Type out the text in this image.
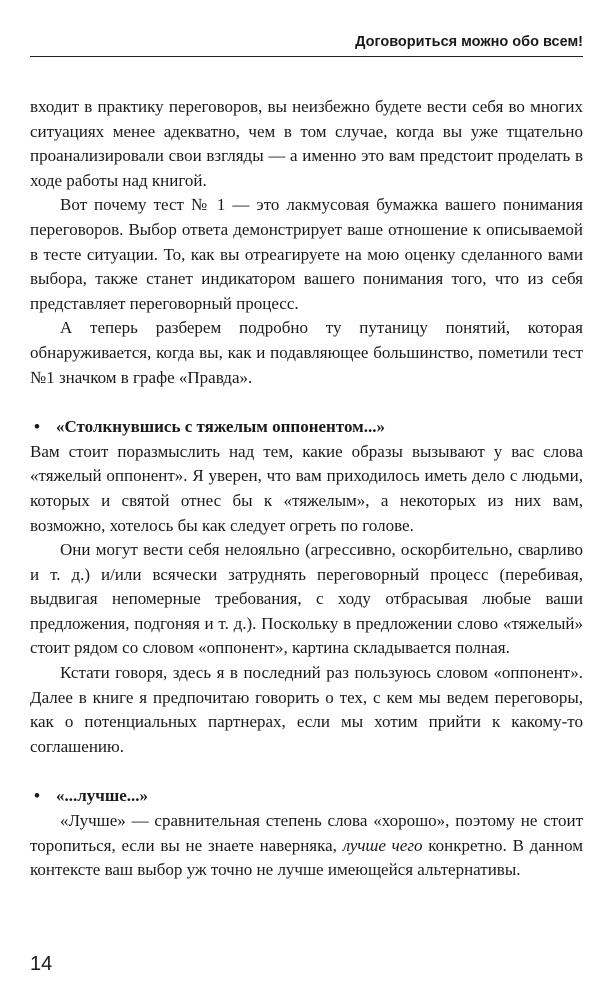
Договориться можно обо всем!

входит в практику переговоров, вы неизбежно будете вести себя во многих ситуациях менее адекватно, чем в том случае, когда вы уже тщательно проанализировали свои взгляды — а именно это вам предстоит проделать в ходе работы над книгой.

Вот почему тест № 1 — это лакмусовая бумажка вашего понимания переговоров. Выбор ответа демонстрирует ваше отношение к описываемой в тесте ситуации. То, как вы отреагируете на мою оценку сделанного вами выбора, также станет индикатором вашего понимания того, что из себя представляет переговорный процесс.

А теперь разберем подробно ту путаницу понятий, которая обнаруживается, когда вы, как и подавляющее большинство, пометили тест №1 значком в графе «Правда».

• «Столкнувшись с тяжелым оппонентом...»

Вам стоит поразмыслить над тем, какие образы вызывают у вас слова «тяжелый оппонент». Я уверен, что вам приходилось иметь дело с людьми, которых и святой отнес бы к «тяжелым», а некоторых из них вам, возможно, хотелось бы как следует огреть по голове.

Они могут вести себя нелояльно (агрессивно, оскорбительно, сварливо и т. д.) и/или всячески затруднять переговорный процесс (перебивая, выдвигая непомерные требования, с ходу отбрасывая любые ваши предложения, подгоняя и т. д.). Поскольку в предложении слово «тяжелый» стоит рядом со словом «оппонент», картина складывается полная.

Кстати говоря, здесь я в последний раз пользуюсь словом «оппонент». Далее в книге я предпочитаю говорить о тех, с кем мы ведем переговоры, как о потенциальных партнерах, если мы хотим прийти к какому-то соглашению.

• «...лучше...»

«Лучше» — сравнительная степень слова «хорошо», поэтому не стоит торопиться, если вы не знаете наверняка, лучше чего конкретно. В данном контексте ваш выбор уж точно не лучше имеющейся альтернативы.

14
